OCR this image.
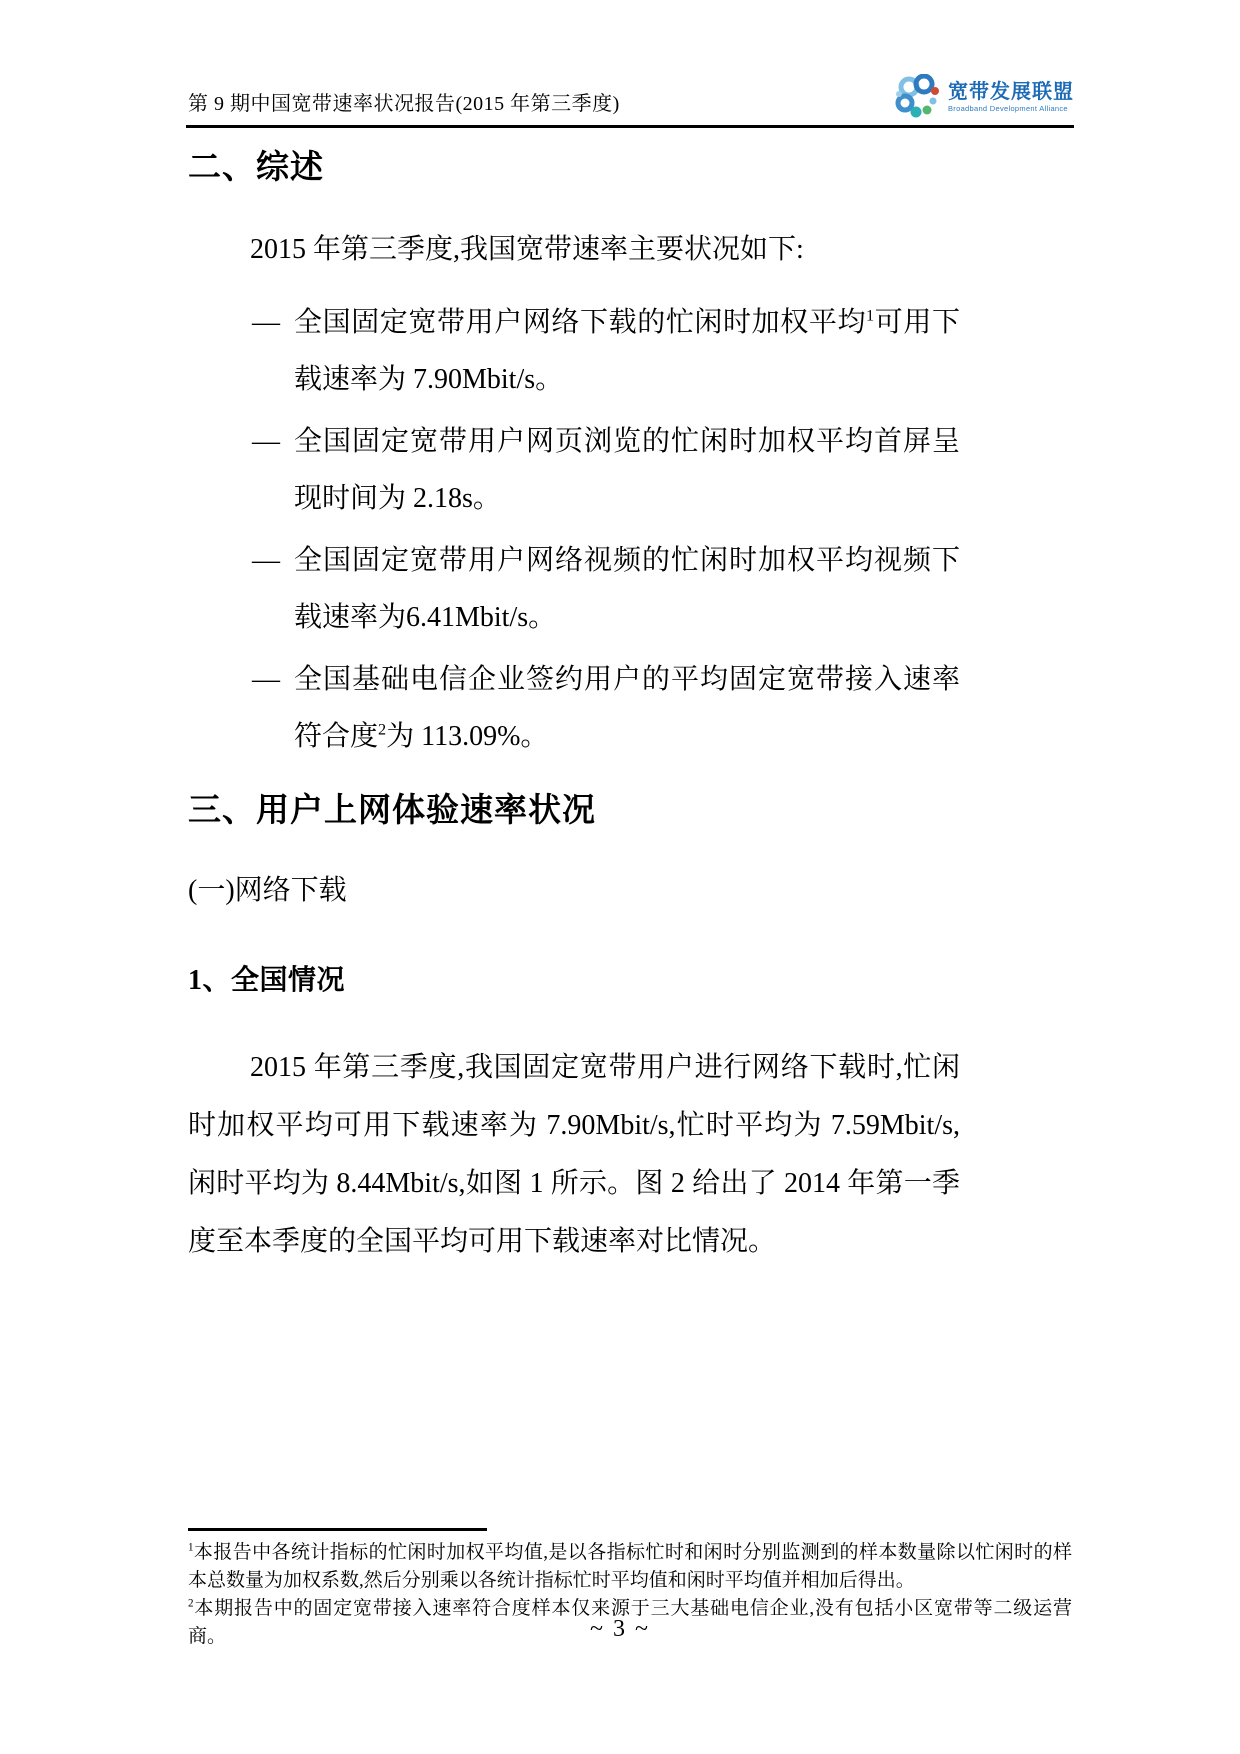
第 9 期中国宽带速率状况报告(2015 年第三季度)
宽带发展联盟
Broadband Development Alliance
二、综述

2015 年第三季度,我国宽带速率主要状况如下:

— 全国固定宽带用户网络下载的忙闲时加权平均$^1$可用下载速率为 7.90Mbit/s。
— 全国固定宽带用户网页浏览的忙闲时加权平均首屏呈现时间为 2.18s。
— 全国固定宽带用户网络视频的忙闲时加权平均视频下载速率为6.41Mbit/s。
— 全国基础电信企业签约用户的平均固定宽带接入速率符合度$^2$为 113.09%。
三、用户上网体验速率状况
(一)网络下载
1、全国情况

2015 年第三季度,我国固定宽带用户进行网络下载时,忙闲时加权平均可用下载速率为 7.90Mbit/s,忙时平均为 7.59Mbit/s,闲时平均为 8.44Mbit/s,如图 1 所示。图 2 给出了 2014 年第一季度至本季度的全国平均可用下载速率对比情况。

$^1$本报告中各统计指标的忙闲时加权平均值,是以各指标忙时和闲时分别监测到的样本数量除以忙闲时的样本总数量为加权系数,然后分别乘以各统计指标忙时平均值和闲时平均值并相加后得出。

$^2$本期报告中的固定宽带接入速率符合度样本仅来源于三大基础电信企业,没有包括小区宽带等二级运营商。	~ 3 ~
